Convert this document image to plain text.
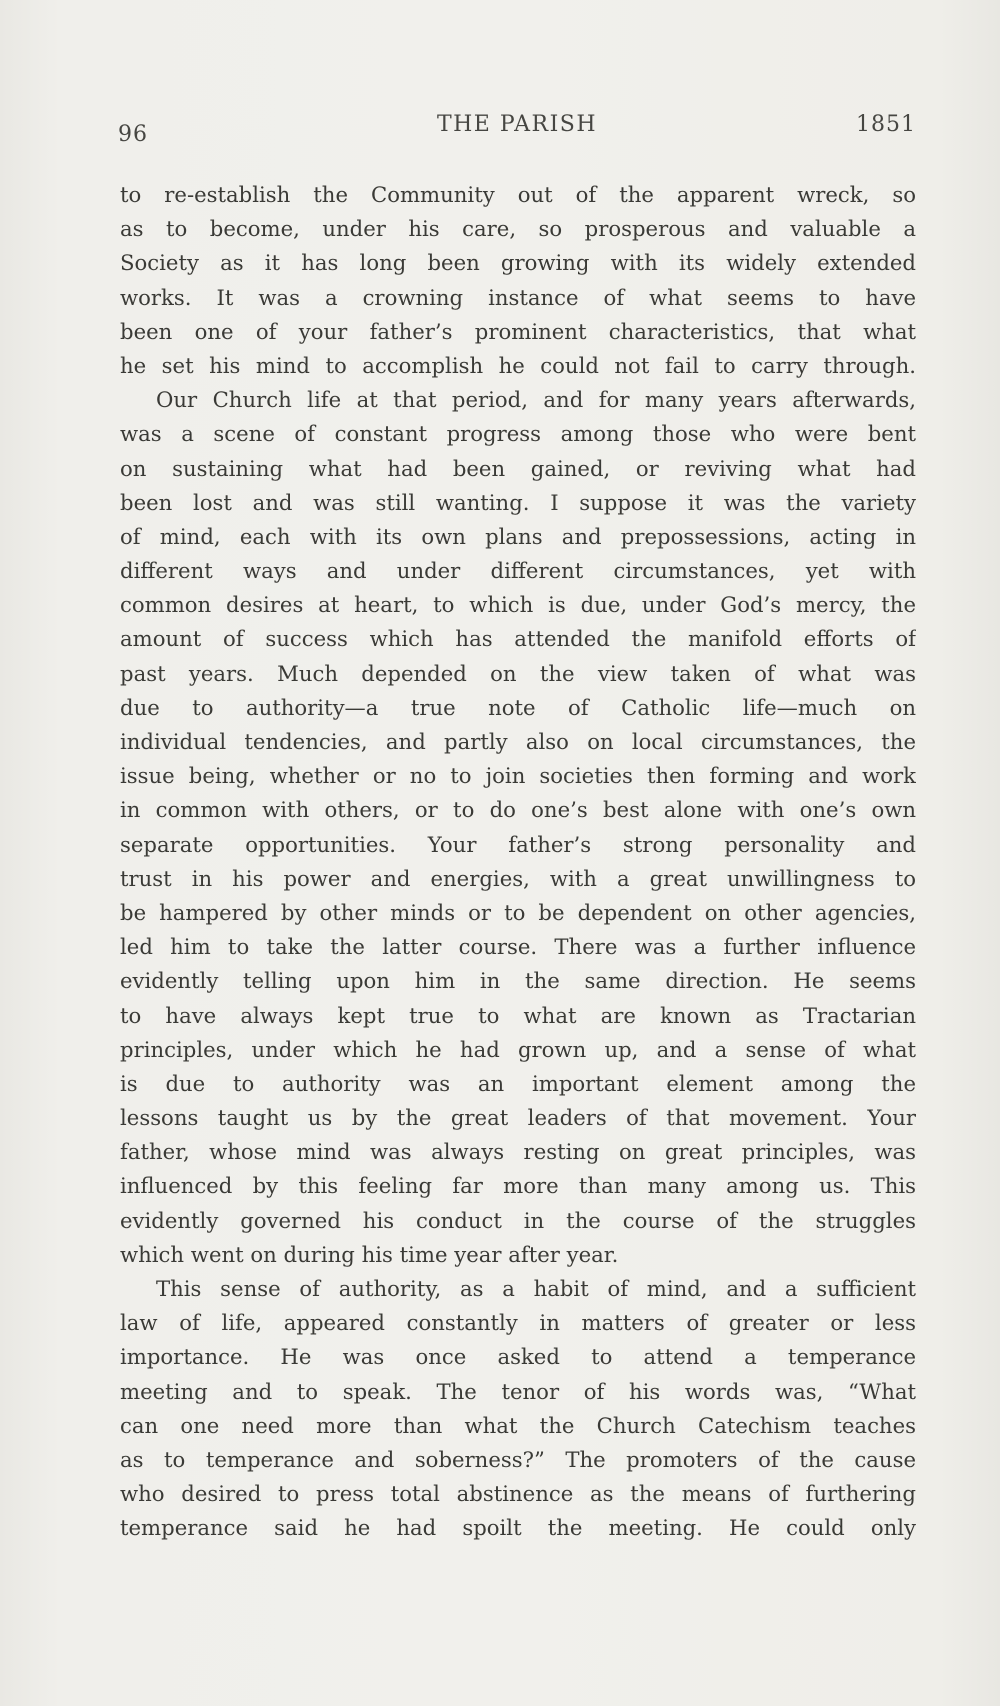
96	THE PARISH	1851
to re-establish the Community out of the apparent wreck, so
as to become, under his care, so prosperous and valuable a
Society as it has long been growing with its widely extended
works. It was a crowning instance of what seems to have
been one of your father’s prominent characteristics, that what
he set his mind to accomplish he could not fail to carry through.
Our Church life at that period, and for many years afterwards,
was a scene of constant progress among those who were bent
on sustaining what had been gained, or reviving what had
been lost and was still wanting. I suppose it was the variety
of mind, each with its own plans and prepossessions, acting in
different ways and under different circumstances, yet with
common desires at heart, to which is due, under God’s mercy, the
amount of success which has attended the manifold efforts of
past years. Much depended on the view taken of what was
due to authority—a true note of Catholic life—much on
individual tendencies, and partly also on local circumstances, the
issue being, whether or no to join societies then forming and work
in common with others, or to do one’s best alone with one’s own
separate opportunities. Your father’s strong personality and
trust in his power and energies, with a great unwillingness to
be hampered by other minds or to be dependent on other agencies,
led him to take the latter course. There was a further influence
evidently telling upon him in the same direction. He seems
to have always kept true to what are known as Tractarian
principles, under which he had grown up, and a sense of what
is due to authority was an important element among the
lessons taught us by the great leaders of that movement. Your
father, whose mind was always resting on great principles, was
influenced by this feeling far more than many among us. This
evidently governed his conduct in the course of the struggles
which went on during his time year after year.
This sense of authority, as a habit of mind, and a sufficient
law of life, appeared constantly in matters of greater or less
importance. He was once asked to attend a temperance
meeting and to speak. The tenor of his words was, “What
can one need more than what the Church Catechism teaches
as to temperance and soberness?” The promoters of the cause
who desired to press total abstinence as the means of furthering
temperance said he had spoilt the meeting. He could only
